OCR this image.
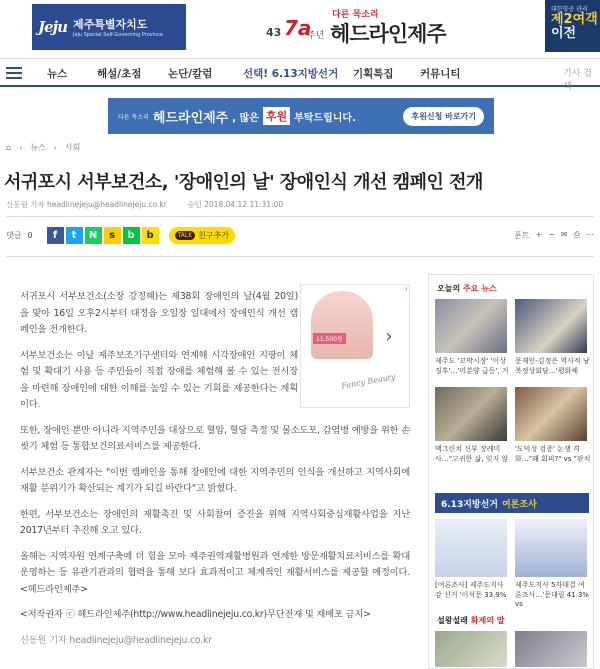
Jeju 제주특별자치도
Jeju Special Self-Governing Province	43 7a
주년
다른 목소리
헤드라인제주
대한항공 관리
제2여객
이전
뉴스	해설/초점	논단/칼럼	선택! 6.13지방선거 기획특집	커뮤니티	기사 검색
다른 목소리 헤드라인제주 , 많은 후원 부탁드립니다.	후원신청 바로가기
⌂ › 뉴스 › 사회
서귀포시 서부보건소, '장애인의 날' 장애인식 개선 캠페인 전개
신동원 기자 headlinejeju@headlinejeju.co.kr	승인 2018.04.12 11:31:00
댓글 0	f	t	N	s	b	b	TALK 친구추가	폰트 + − ✉ ⎙ ⋯

서귀포시 서부보건소(소장 강정혜)는 제38회 장애인의 날(4월 20일)을 맞아 16일 오후2시부터 대정읍 오일장 일대에서 장애인식 개선 캠페인을 전개한다.

서부보건소는 이날 제주보조기구센터와 연계해 시각장애인 지팡이 체험 및 확대기 사용 등 주민들이 직접 장애를 체험해 볼 수 있는 전시장을 마련해 장애인에 대한 이해를 높일 수 있는 기회를 제공한다는 계획이다.

또한, 장애인 뿐만 아니라 지역주민을 대상으로 혈압, 혈당 측정 및 물소도포, 감염병 예방을 위한 손씻기 체험 등 통합보건의료서비스를 제공한다.

서부보건소 관계자는 "이번 캠페인을 통해 장애인에 대한 지역주민의 인식을 개선하고 지역사회에 재활 분위기가 확산되는 계기가 되길 바란다"고 밝혔다.

한편, 서부보건소는 장애인의 재활촉진 및 사회참여 증진을 위해 지역사회중심재활사업을 지난 2017년부터 추진해 오고 있다.

올해는 지역자원 연계구축에 더 힘을 모아 제주권역재활병원과 연계한 방문재활치료서비스를 확대 운영하는 등 유관기관과의 협력을 통해 보다 효과적이고 체계적인 재활서비스를 제공할 예정이다. <헤드라인제주>

<저작권자 ⓒ 헤드라인제주(http://www.headlinejeju.co.kr)무단전재 및 재배포 금지>

신동원 기자 headlinejeju@headlinejeju.co.kr

11,500원	›
Fancy Beauty
i	오늘의 주요 뉴스
제주도 '꼬박시장' '이상 징후'…'미분양 급등', 거
문재인-김정은 역사적 남북정상회담…'평화체
맥그린치 신부 장례미사…"고귀한 삶, 잊지 않
'도덕성 검증' 논쟁 격화…"왜 회피?" vs "판치
6.13지방선거 여론조사
[여론조사] 제주도지사 감 선거 '이석문 33.9%
제주도지사 5자대결 여론조사…'문대림 41.3% vs
설왕설래 화제의 말
